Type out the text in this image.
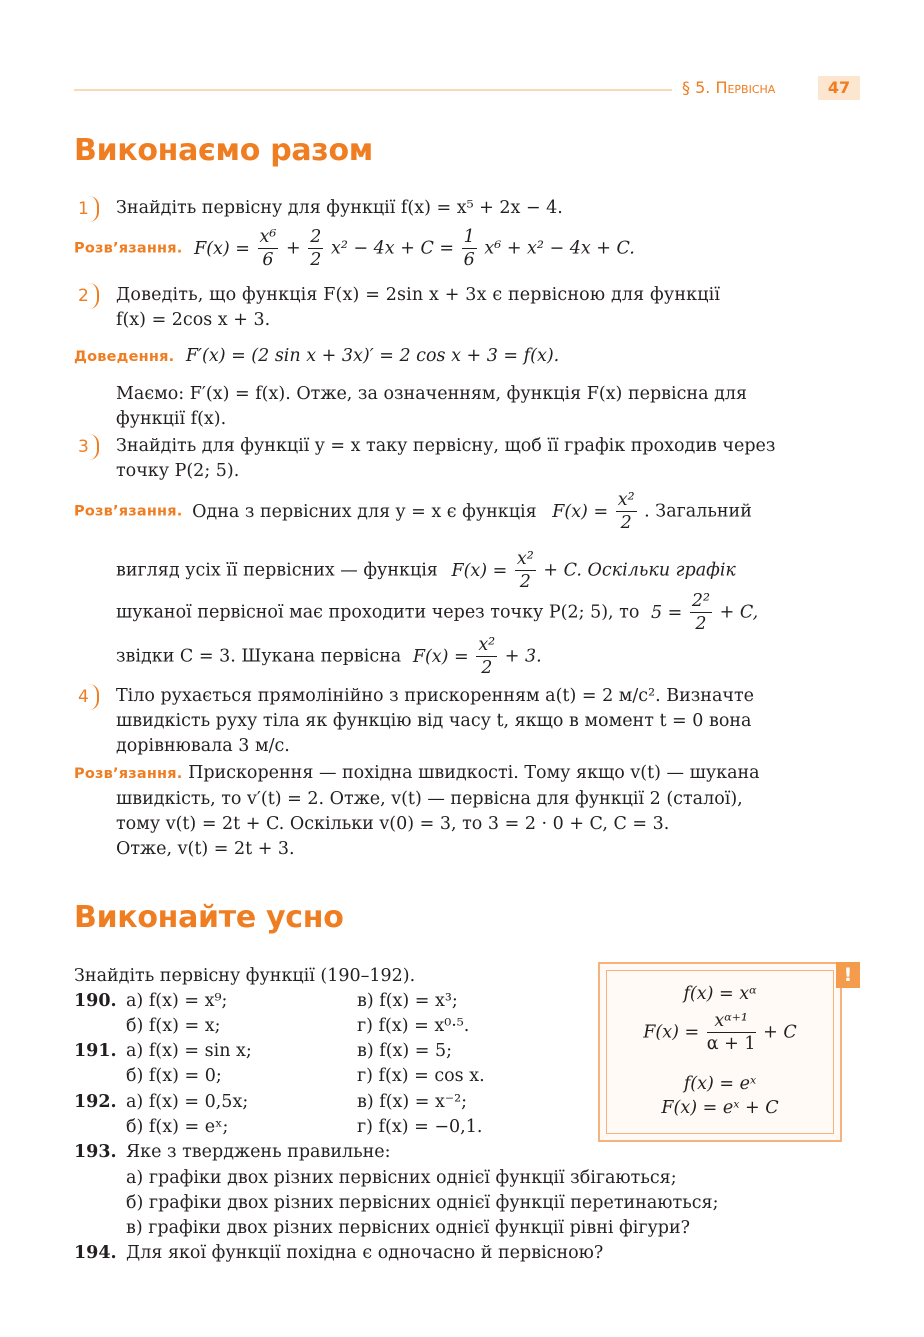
§ 5. Первісна	47
Виконаємо разом
1	Знайдіть первісну для функції f(x) = x⁵ + 2x − 4.
Розв’язання. $F(x) = \frac{\text{x⁶}}{6} + \frac{2}{2} x^2 - 4x + C = \frac{1}{6} x^6 + x^2 - 4x + C$.
2	Доведіть, що функція F(x) = 2sin x + 3x є первісною для функції
f(x) = 2cos x + 3.
Доведення. F′(x) = (2 sin x + 3x)′ = 2 cos x + 3 = f(x).
Маємо: F′(x) = f(x). Отже, за означенням, функція F(x) первісна для
функції f(x).
3	Знайдіть для функції y = x таку первісну, щоб її графік проходив через
точку P(2; 5).
Розв’язання. Одна з первісних для y = x є функція $F(x) = \frac{\text{x²}}{2}$ . Загальний
вигляд усіх її первісних — функція $F(x) = \frac{\text{x²}}{2} + C$. Оскільки графік
шуканої первісної має проходити через точку P(2; 5), то $5 = \frac{\text{2²}}{2} + C$,
звідки C = 3. Шукана первісна $F(x) = \frac{\text{x²}}{2} + 3$.
4	Тіло рухається прямолінійно з прискоренням a(t) = 2 м/с². Визначте
швидкість руху тіла як функцію від часу t, якщо в момент t = 0 вона
дорівнювала 3 м/с.
Розв’язання. Прискорення — похідна швидкості. Тому якщо v(t) — шукана
швидкість, то v′(t) = 2. Отже, v(t) — первісна для функції 2 (сталої),
тому v(t) = 2t + C. Оскільки v(0) = 3, то 3 = 2 · 0 + C, C = 3.
Отже, v(t) = 2t + 3.
Виконайте усно
Знайдіть первісну функції (190–192).
190. а) f(x) = x⁹;	в) f(x) = x³;
б) f(x) = x;	г) f(x) = x⁰·⁵.
191. а) f(x) = sin x;	в) f(x) = 5;
б) f(x) = 0;	г) f(x) = cos x.
192. а) f(x) = 0,5x;	в) f(x) = x⁻²;
б) f(x) = eˣ;	г) f(x) = −0,1.
193. Яке з тверджень правильне:
а) графіки двох різних первісних однієї функції збігаються;
б) графіки двох різних первісних однієї функції перетинаються;
в) графіки двох різних первісних однієї функції рівні фігури?
194. Для якої функції похідна є одночасно й первісною?
f(x) = xᵅ
$F(x) = \frac{\text{xᵅ⁺¹}}{\alpha + 1} + C$
f(x) = eˣ
F(x) = eˣ + C
!
